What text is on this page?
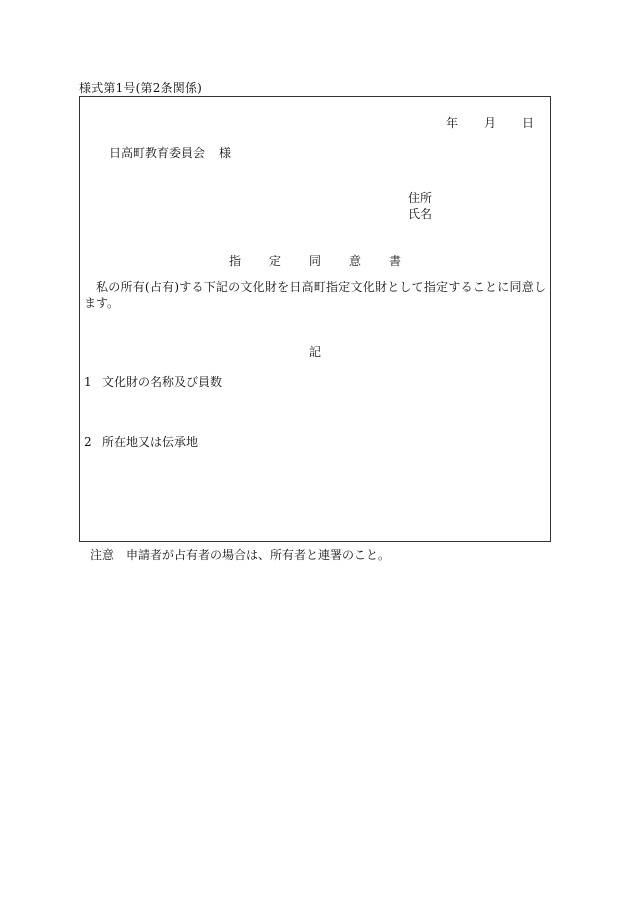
様式第1号(第2条関係)
年 月 日
日高町教育委員会 様
住所
氏名
指 定 同 意 書
私の所有(占有)する下記の文化財を日高町指定文化財として指定することに同意します。
記
1 文化財の名称及び員数
2 所在地又は伝承地
注意 申請者が占有者の場合は、所有者と連署のこと。
